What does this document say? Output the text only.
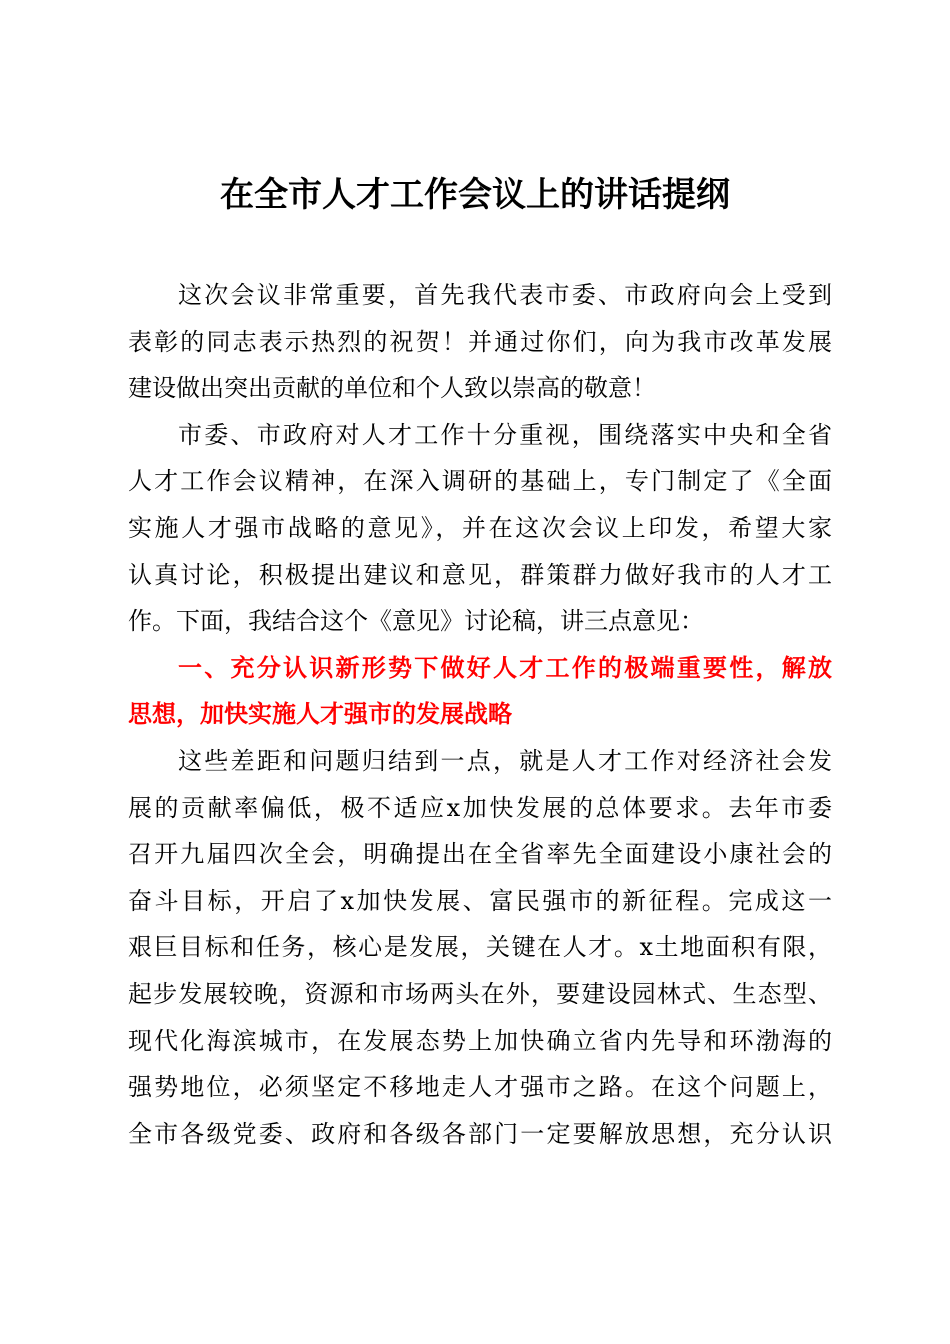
在全市人才工作会议上的讲话提纲
这次会议非常重要，首先我代表市委、市政府向会上受到
表彰的同志表示热烈的祝贺！并通过你们，向为我市改革发展
建设做出突出贡献的单位和个人致以崇高的敬意！
市委、市政府对人才工作十分重视，围绕落实中央和全省
人才工作会议精神，在深入调研的基础上，专门制定了《全面
实施人才强市战略的意见》，并在这次会议上印发，希望大家
认真讨论，积极提出建议和意见，群策群力做好我市的人才工
作。下面，我结合这个《意见》讨论稿，讲三点意见：
一、充分认识新形势下做好人才工作的极端重要性，解放
思想，加快实施人才强市的发展战略
这些差距和问题归结到一点，就是人才工作对经济社会发
展的贡献率偏低，极不适应x加快发展的总体要求。去年市委
召开九届四次全会，明确提出在全省率先全面建设小康社会的
奋斗目标，开启了x加快发展、富民强市的新征程。完成这一
艰巨目标和任务，核心是发展，关键在人才。x土地面积有限，
起步发展较晚，资源和市场两头在外，要建设园林式、生态型、
现代化海滨城市，在发展态势上加快确立省内先导和环渤海的
强势地位，必须坚定不移地走人才强市之路。在这个问题上，
全市各级党委、政府和各级各部门一定要解放思想，充分认识
